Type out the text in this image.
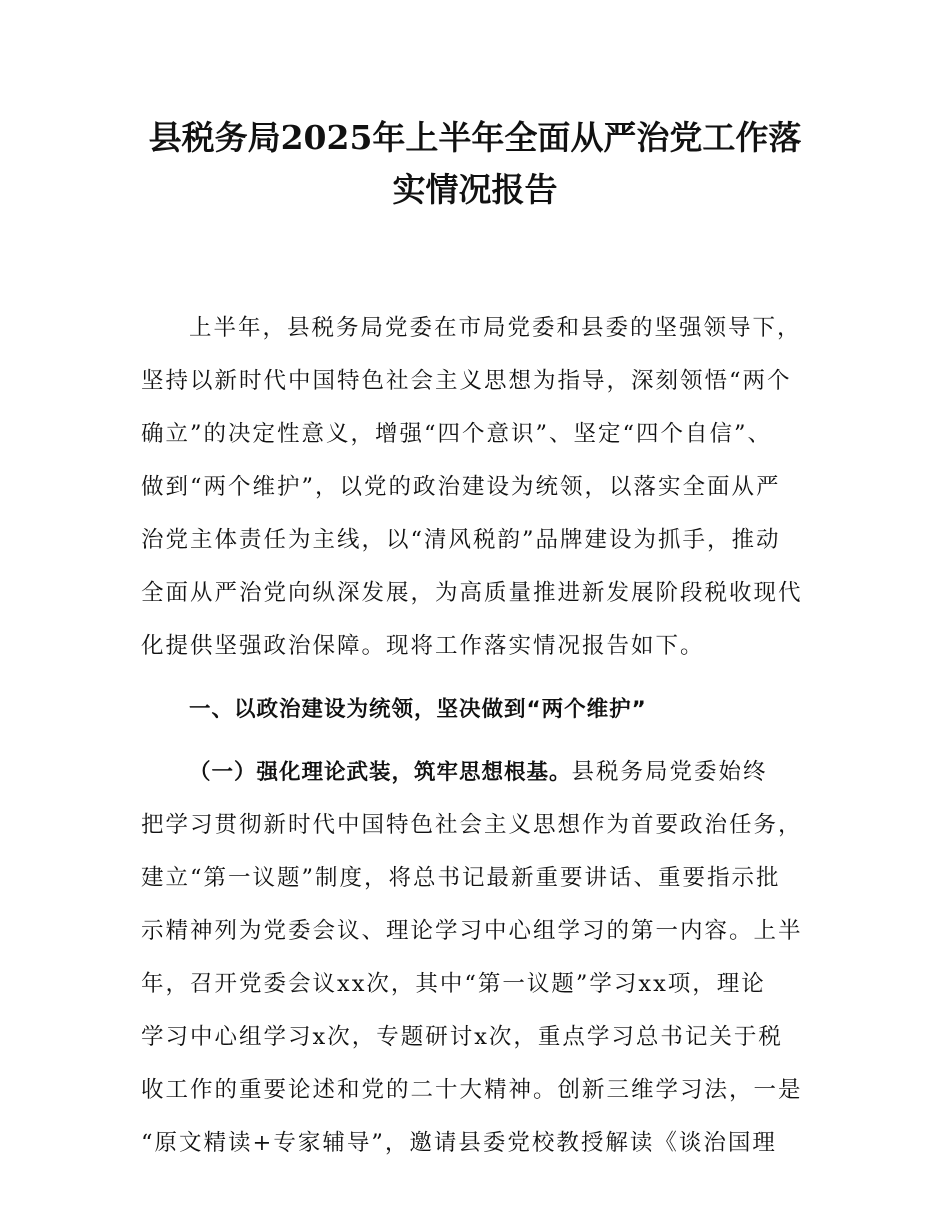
县税务局2025年上半年全面从严治党工作落
实情况报告
上半年，县税务局党委在市局党委和县委的坚强领导下，
坚持以新时代中国特色社会主义思想为指导，深刻领悟“两个
确立”的决定性意义，增强“四个意识”、坚定“四个自信”、
做到“两个维护”，以党的政治建设为统领，以落实全面从严
治党主体责任为主线，以“清风税韵”品牌建设为抓手，推动
全面从严治党向纵深发展，为高质量推进新发展阶段税收现代
化提供坚强政治保障。现将工作落实情况报告如下。
一、以政治建设为统领，坚决做到“两个维护”
（一）强化理论武装，筑牢思想根基。县税务局党委始终
把学习贯彻新时代中国特色社会主义思想作为首要政治任务，
建立“第一议题”制度，将总书记最新重要讲话、重要指示批
示精神列为党委会议、理论学习中心组学习的第一内容。上半
年，召开党委会议xx次，其中“第一议题”学习xx项，理论
学习中心组学习x次，专题研讨x次，重点学习总书记关于税
收工作的重要论述和党的二十大精神。创新三维学习法，一是
“原文精读+专家辅导”，邀请县委党校教授解读《谈治国理
